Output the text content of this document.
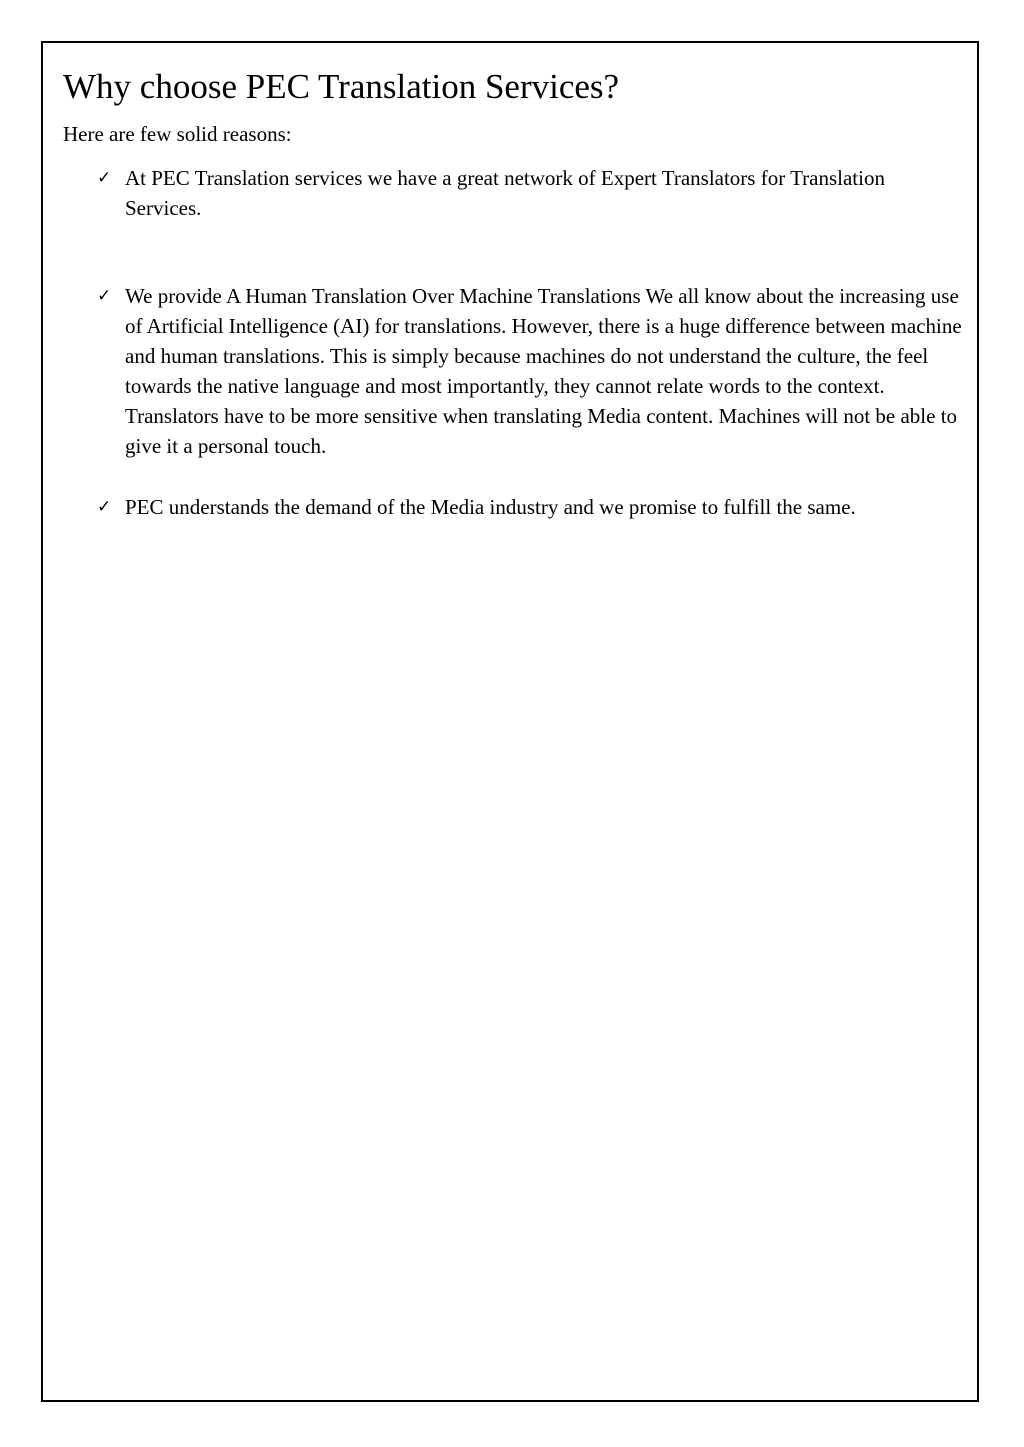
Why choose PEC Translation Services?

Here are few solid reasons:

✓ At PEC Translation services we have a great network of Expert Translators for Translation Services.
✓ We provide A Human Translation Over Machine Translations We all know about the increasing use of Artificial Intelligence (AI) for translations. However, there is a huge difference between machine and human translations. This is simply because machines do not understand the culture, the feel towards the native language and most importantly, they cannot relate words to the context. Translators have to be more sensitive when translating Media content. Machines will not be able to give it a personal touch.
✓ PEC understands the demand of the Media industry and we promise to fulfill the same.
